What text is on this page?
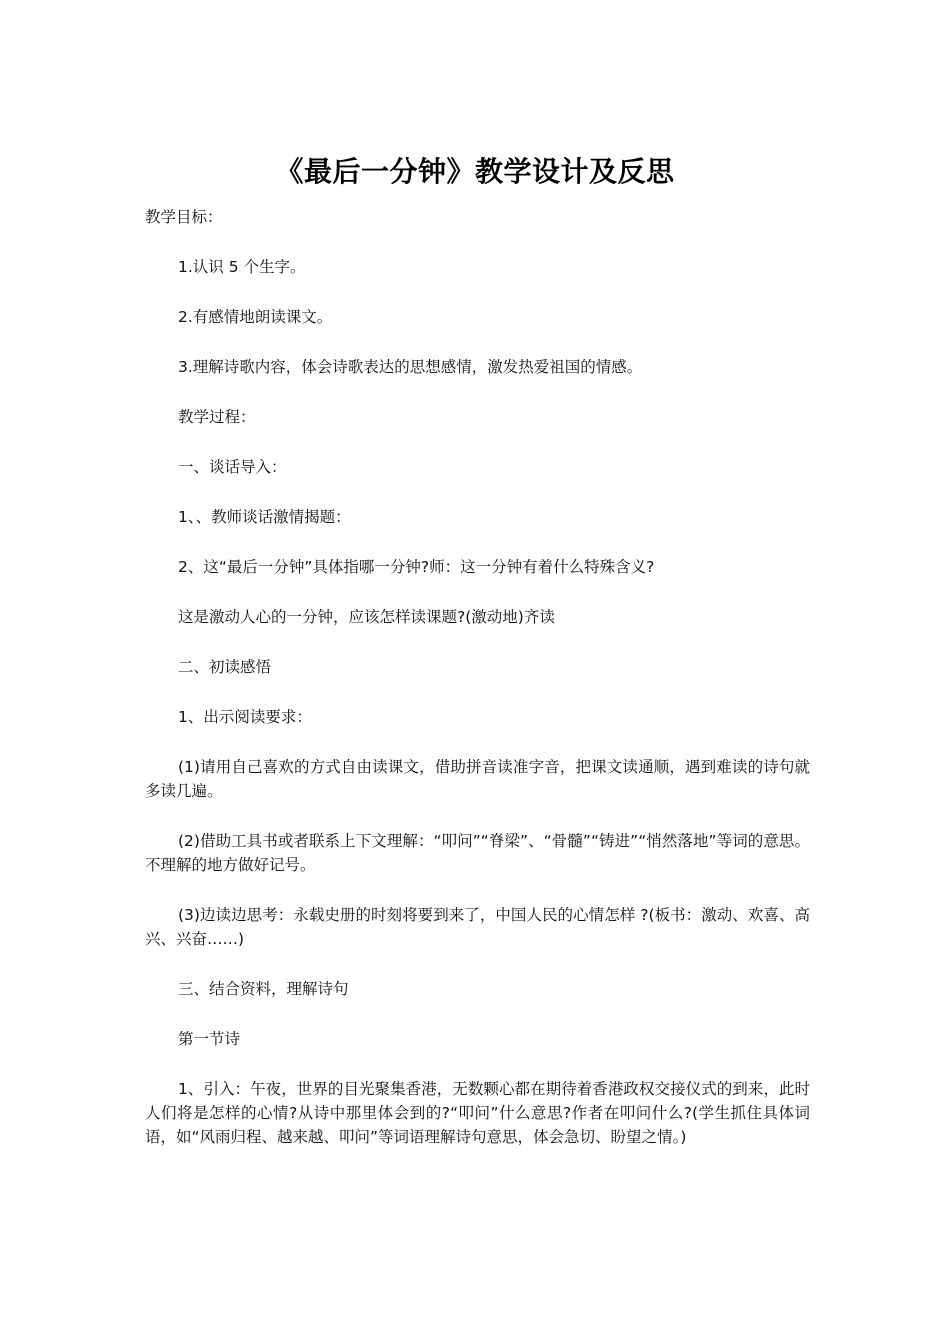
《最后一分钟》教学设计及反思

教学目标：

1.认识 5 个生字。

2.有感情地朗读课文。

3.理解诗歌内容，体会诗歌表达的思想感情，激发热爱祖国的情感。

教学过程：

一、谈话导入：

1、、教师谈话激情揭题：

2、这“最后一分钟”具体指哪一分钟?师：这一分钟有着什么特殊含义?

这是激动人心的一分钟，应该怎样读课题?(激动地)齐读

二、初读感悟

1、出示阅读要求：

(1)请用自己喜欢的方式自由读课文，借助拼音读准字音，把课文读通顺，遇到难读的诗句就多读几遍。

(2)借助工具书或者联系上下文理解：“叩问”“脊梁”、“骨髓”“铸进”“悄然落地”等词的意思。不理解的地方做好记号。

(3)边读边思考：永载史册的时刻将要到来了，中国人民的心情怎样 ?(板书：激动、欢喜、高兴、兴奋……)

三、结合资料，理解诗句

第一节诗

1、引入：午夜，世界的目光聚集香港，无数颗心都在期待着香港政权交接仪式的到来，此时人们将是怎样的心情?从诗中那里体会到的?“叩问”什么意思?作者在叩问什么?(学生抓住具体词语，如“风雨归程、越来越、叩问”等词语理解诗句意思，体会急切、盼望之情。)
